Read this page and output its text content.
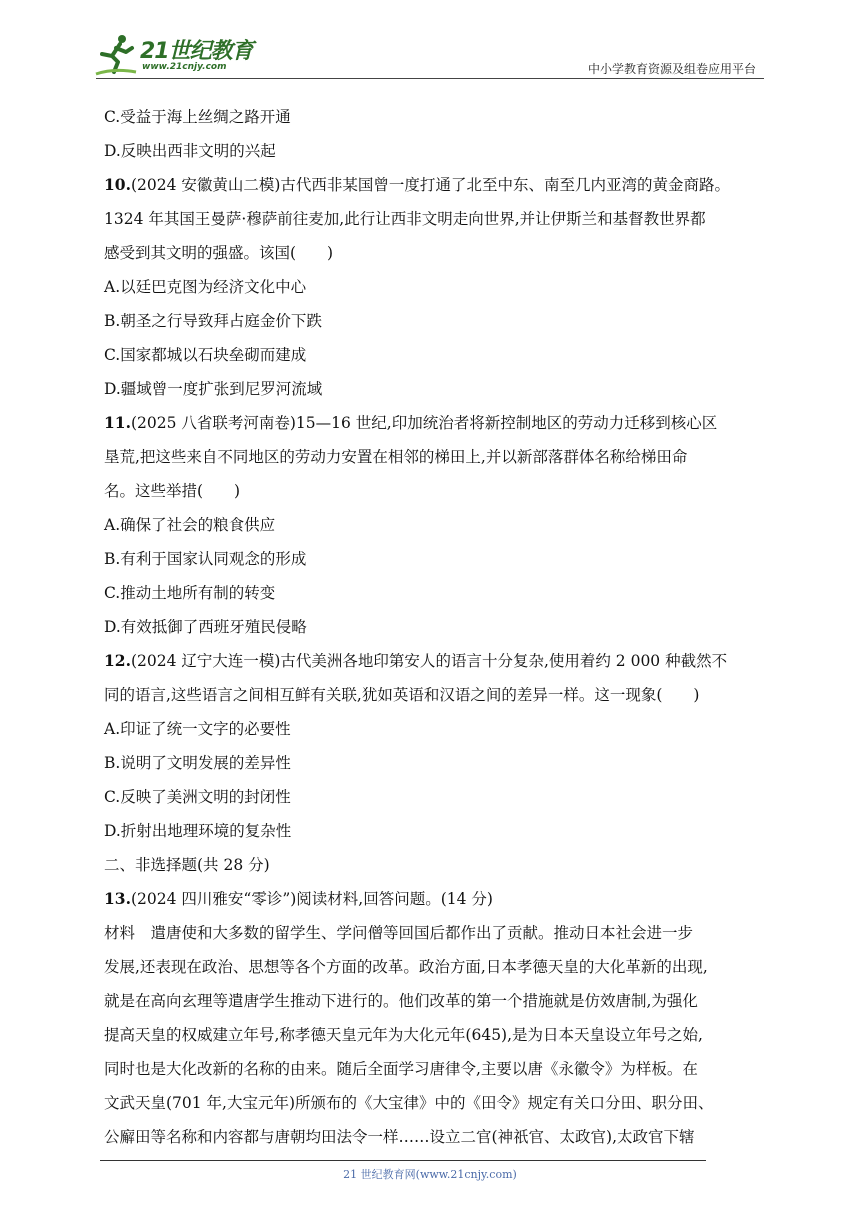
21世纪教育
www.21cnjy.com	中小学教育资源及组卷应用平台
C.受益于海上丝绸之路开通
D.反映出西非文明的兴起
10.(2024 安徽黄山二模)古代西非某国曾一度打通了北至中东、南至几内亚湾的黄金商路。
1324 年其国王曼萨·穆萨前往麦加,此行让西非文明走向世界,并让伊斯兰和基督教世界都
感受到其文明的强盛。该国(　　)
A.以廷巴克图为经济文化中心
B.朝圣之行导致拜占庭金价下跌
C.国家都城以石块垒砌而建成
D.疆域曾一度扩张到尼罗河流域
11.(2025 八省联考河南卷)15—16 世纪,印加统治者将新控制地区的劳动力迁移到核心区
垦荒,把这些来自不同地区的劳动力安置在相邻的梯田上,并以新部落群体名称给梯田命
名。这些举措(　　)
A.确保了社会的粮食供应
B.有利于国家认同观念的形成
C.推动土地所有制的转变
D.有效抵御了西班牙殖民侵略
12.(2024 辽宁大连一模)古代美洲各地印第安人的语言十分复杂,使用着约 2 000 种截然不
同的语言,这些语言之间相互鲜有关联,犹如英语和汉语之间的差异一样。这一现象(　　)
A.印证了统一文字的必要性
B.说明了文明发展的差异性
C.反映了美洲文明的封闭性
D.折射出地理环境的复杂性
二、非选择题(共 28 分)
13.(2024 四川雅安“零诊”)阅读材料,回答问题。(14 分)
材料　遣唐使和大多数的留学生、学问僧等回国后都作出了贡献。推动日本社会进一步
发展,还表现在政治、思想等各个方面的改革。政治方面,日本孝德天皇的大化革新的出现,
就是在高向玄理等遣唐学生推动下进行的。他们改革的第一个措施就是仿效唐制,为强化
提高天皇的权威建立年号,称孝德天皇元年为大化元年(645),是为日本天皇设立年号之始,
同时也是大化改新的名称的由来。随后全面学习唐律令,主要以唐《永徽令》为样板。在
文武天皇(701 年,大宝元年)所颁布的《大宝律》中的《田令》规定有关口分田、职分田、
公廨田等名称和内容都与唐朝均田法令一样……设立二官(神祇官、太政官),太政官下辖
21 世纪教育网(www.21cnjy.com)
